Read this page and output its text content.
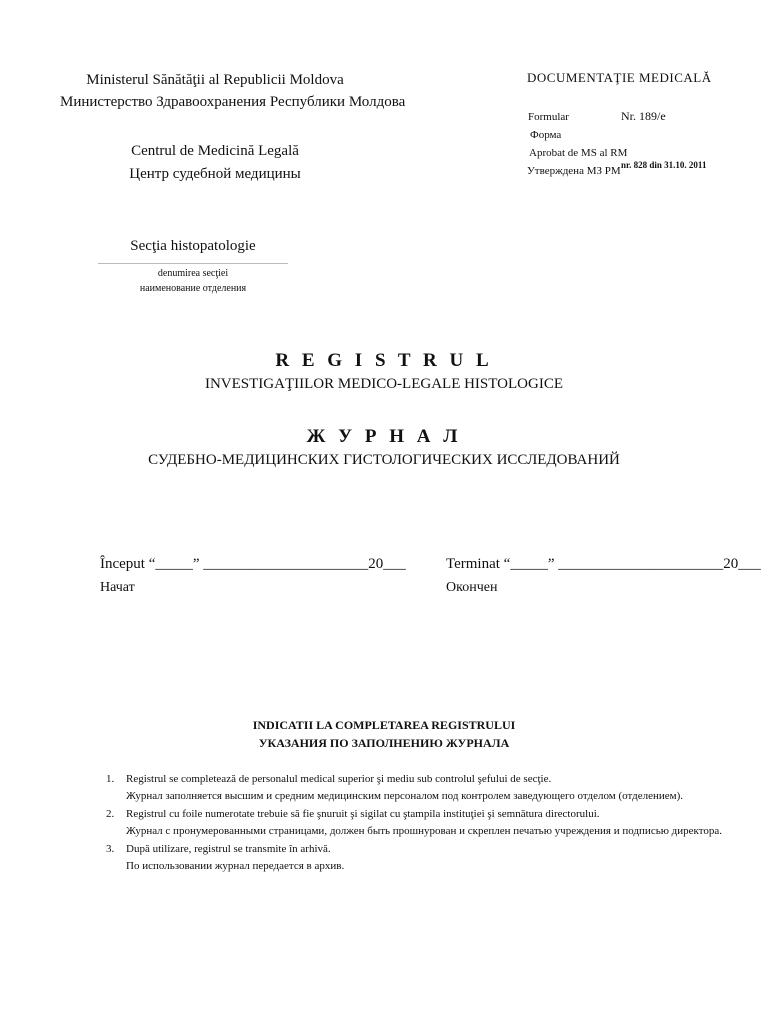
Ministerul Sănătăţii al Republicii Moldova
Министерство Здравоохранения Республики Молдова
Centrul de Medicină Legală
Центр судебной медицины
Secţia histopatologie
denumirea secţiei
наименование отделения
DOCUMENTAŢIE MEDICALĂ
Formular	Nr. 189/e
Форма
Aprobat de MS al RM
nr. 828 din 31.10. 2011
Утверждена МЗ РМ
R E G I S T R U L
INVESTIGAŢIILOR MEDICO-LEGALE HISTOLOGICE
Ж У Р Н А Л
СУДЕБНО-МЕДИЦИНСКИХ ГИСТОЛОГИЧЕСКИХ ИССЛЕДОВАНИЙ
Început “_____” ______________________20___
Начат
Terminat “_____” ______________________20___
Окончен
INDICATII LA COMPLETAREA REGISTRULUI
УКАЗАНИЯ ПО ЗАПОЛНЕНИЮ ЖУРНАЛА
1. Registrul se completează de personalul medical superior şi mediu sub controlul şefului de secţie.
Журнал заполняется высшим и средним медицинским персоналом под контролем заведующего отделом (отделением).
2. Registrul cu foile numerotate trebuie să fie şnuruit şi sigilat cu ştampila instituţiei şi semnătura directorului.
Журнал с пронумерованными страницами, должен быть прошнурован и скреплен печатью учреждения и подписью директора.
3. După utilizare, registrul se transmite în arhivă.
По использовании журнал передается в архив.
